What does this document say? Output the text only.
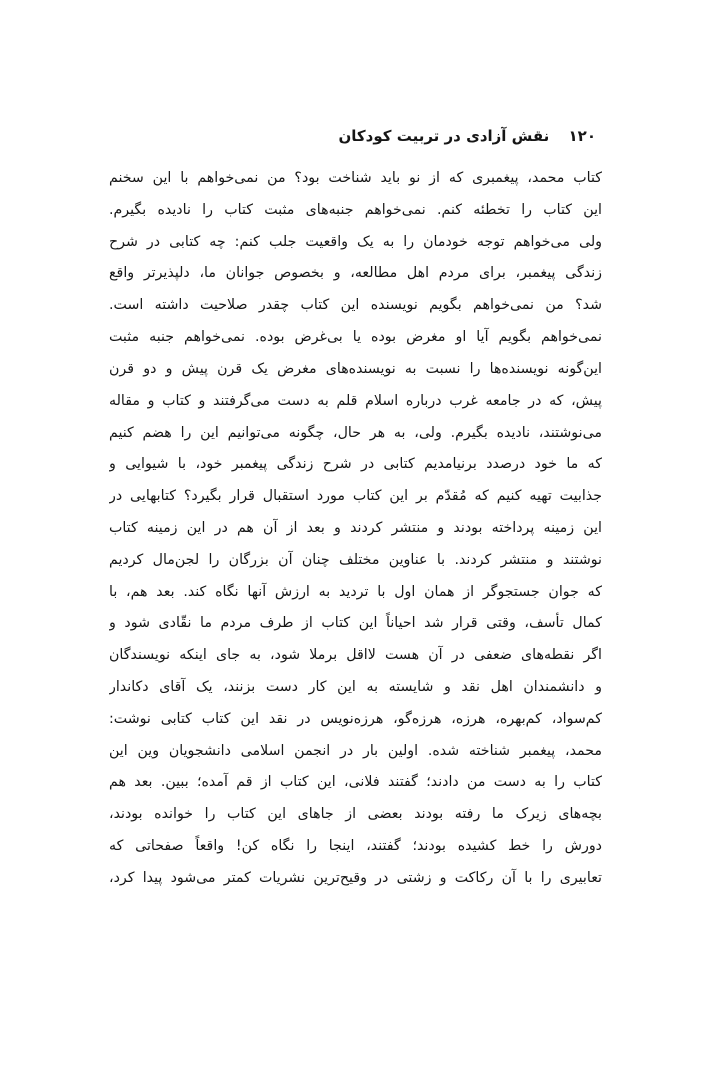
۱۲۰ نقش آزادی در تربیت کودکان
کتاب محمد، پیغمبری که از نو باید شناخت بود؟ من نمی‌خواهم با این سخنم
این کتاب را تخطئه کنم. نمی‌خواهم جنبه‌های مثبت کتاب را نادیده بگیرم.
ولی می‌خواهم توجه خودمان را به یک واقعیت جلب کنم: چه کتابی در شرح
زندگی پیغمبر، برای مردم اهل مطالعه، و بخصوص جوانان ما، دلپذیرتر واقع
شد؟ من نمی‌خواهم بگویم نویسنده این کتاب چقدر صلاحیت داشته است.
نمی‌خواهم بگویم آیا او مغرض بوده یا بی‌غرض بوده. نمی‌خواهم جنبه مثبت
این‌گونه نویسنده‌ها را نسبت به نویسنده‌های مغرض یک قرن پیش و دو قرن
پیش، که در جامعه غرب درباره اسلام قلم به دست می‌گرفتند و کتاب و مقاله
می‌نوشتند، نادیده بگیرم. ولی، به هر حال، چگونه می‌توانیم این را هضم کنیم
که ما خود درصدد برنیامدیم کتابی در شرح زندگی پیغمبر خود، با شیوایی و
جذابیت تهیه کنیم که مُقدّم بر این کتاب مورد استقبال قرار بگیرد؟ کتابهایی در
این زمینه پرداخته بودند و منتشر کردند و بعد از آن هم در این زمینه کتاب
نوشتند و منتشر کردند. با عناوین مختلف چنان آن بزرگان را لجن‌مال کردیم
که جوان جستجوگر از همان اول با تردید به ارزش آنها نگاه کند. بعد هم، با
کمال تأسف، وقتی قرار شد احیاناً این کتاب از طرف مردم ما نقّادی شود و
اگر نقطه‌های ضعفی در آن هست لااقل برملا شود، به جای اینکه نویسندگان
و دانشمندان اهل نقد و شایسته به این کار دست بزنند، یک آقای دکاندار
کم‌سواد، کم‌بهره، هرزه، هرزه‌گو، هرزه‌نویس در نقد این کتاب کتابی نوشت:
محمد، پیغمبر شناخته شده. اولین بار در انجمن اسلامی دانشجویان وین این
کتاب را به دست من دادند؛ گفتند فلانی، این کتاب از قم آمده؛ ببین. بعد هم
بچه‌های زیرک ما رفته بودند بعضی از جاهای این کتاب را خوانده بودند،
دورش را خط کشیده بودند؛ گفتند، اینجا را نگاه کن! واقعاً صفحاتی که
تعابیری را با آن رکاکت و زشتی در وقیح‌ترین نشریات کمتر می‌شود پیدا کرد،
